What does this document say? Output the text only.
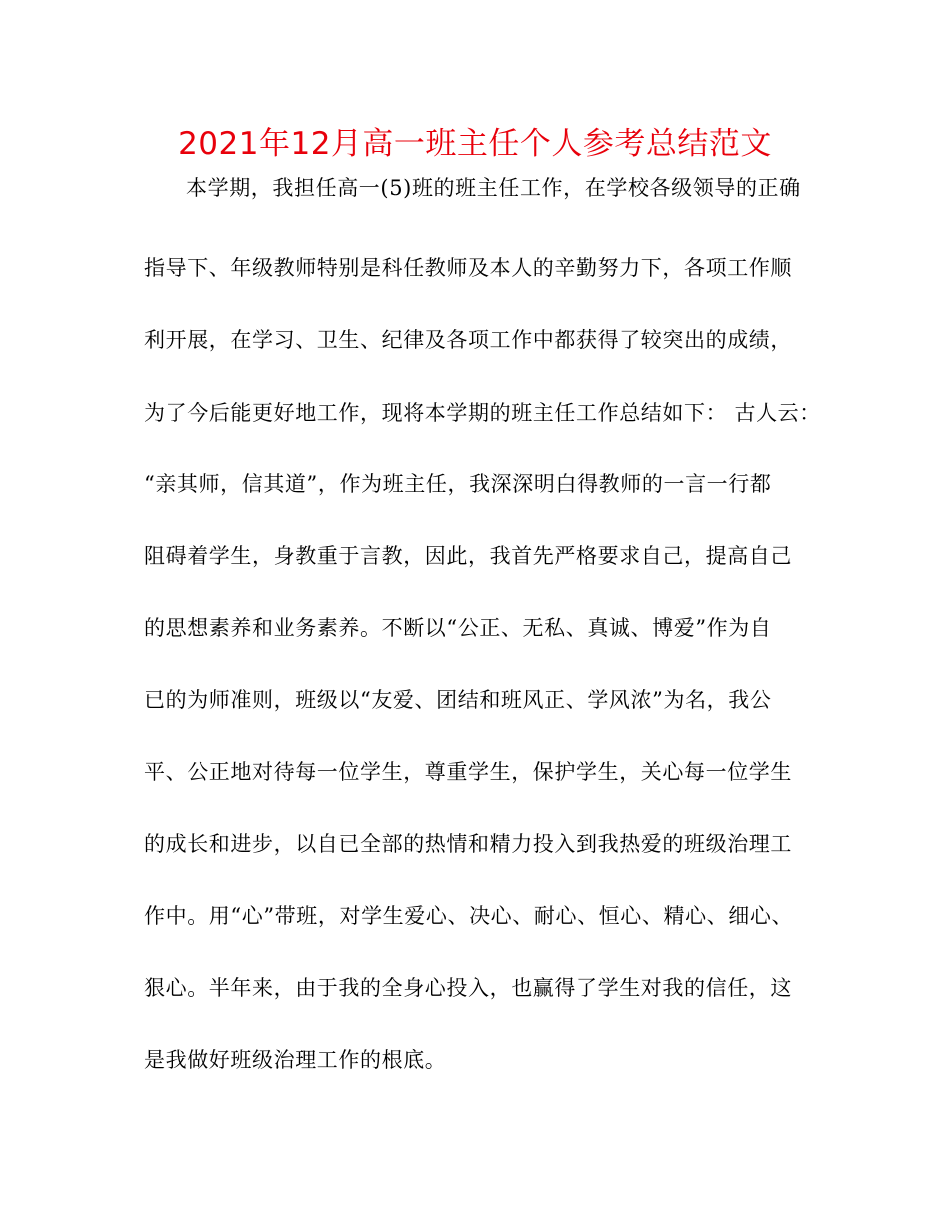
2021年12月高一班主任个人参考总结范文
本学期，我担任高一(5)班的班主任工作，在学校各级领导的正确
指导下、年级教师特别是科任教师及本人的辛勤努力下，各项工作顺
利开展，在学习、卫生、纪律及各项工作中都获得了较突出的成绩，
为了今后能更好地工作，现将本学期的班主任工作总结如下： 古人云：
“亲其师，信其道”，作为班主任，我深深明白得教师的一言一行都
阻碍着学生，身教重于言教，因此，我首先严格要求自己，提高自己
的思想素养和业务素养。不断以“公正、无私、真诚、博爱”作为自
已的为师准则，班级以“友爱、团结和班风正、学风浓”为名，我公
平、公正地对待每一位学生，尊重学生，保护学生，关心每一位学生
的成长和进步，以自已全部的热情和精力投入到我热爱的班级治理工
作中。用“心”带班，对学生爱心、决心、耐心、恒心、精心、细心、
狠心。半年来，由于我的全身心投入，也赢得了学生对我的信任，这
是我做好班级治理工作的根底。
